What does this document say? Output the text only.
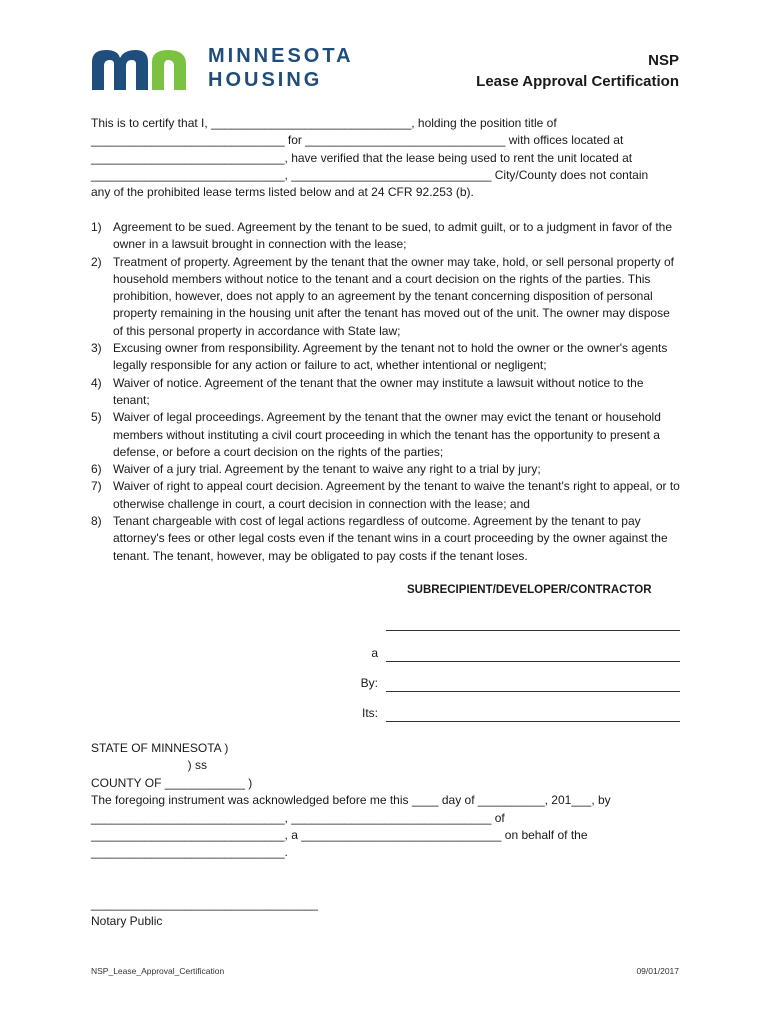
MINNESOTA
HOUSING
NSP
Lease Approval Certification
This is to certify that I, ______________________________, holding the position title of
_____________________________ for ______________________________ with offices located at
_____________________________, have verified that the lease being used to rent the unit located at
_____________________________, ______________________________ City/County does not contain
any of the prohibited lease terms listed below and at 24 CFR 92.253 (b).
1) Agreement to be sued. Agreement by the tenant to be sued, to admit guilt, or to a judgment in favor of the owner in a lawsuit brought in connection with the lease;
2) Treatment of property. Agreement by the tenant that the owner may take, hold, or sell personal property of household members without notice to the tenant and a court decision on the rights of the parties. This prohibition, however, does not apply to an agreement by the tenant concerning disposition of personal property remaining in the housing unit after the tenant has moved out of the unit. The owner may dispose of this personal property in accordance with State law;
3) Excusing owner from responsibility. Agreement by the tenant not to hold the owner or the owner's agents legally responsible for any action or failure to act, whether intentional or negligent;
4) Waiver of notice. Agreement of the tenant that the owner may institute a lawsuit without notice to the tenant;
5) Waiver of legal proceedings. Agreement by the tenant that the owner may evict the tenant or household members without instituting a civil court proceeding in which the tenant has the opportunity to present a defense, or before a court decision on the rights of the parties;
6) Waiver of a jury trial. Agreement by the tenant to waive any right to a trial by jury;
7) Waiver of right to appeal court decision. Agreement by the tenant to waive the tenant's right to appeal, or to otherwise challenge in court, a court decision in connection with the lease; and
8) Tenant chargeable with cost of legal actions regardless of outcome. Agreement by the tenant to pay attorney's fees or other legal costs even if the tenant wins in a court proceeding by the owner against the tenant. The tenant, however, may be obligated to pay costs if the tenant loses.
SUBRECIPIENT/DEVELOPER/CONTRACTOR
a
By:
Its:

STATE OF MINNESOTA )

) ss

COUNTY OF ____________ )

The foregoing instrument was acknowledged before me this ____ day of __________, 201___, by

_____________________________, ______________________________ of

_____________________________, a ______________________________ on behalf of the

_____________________________.

__________________________________
Notary Public
NSP_Lease_Approval_Certification	09/01/2017
